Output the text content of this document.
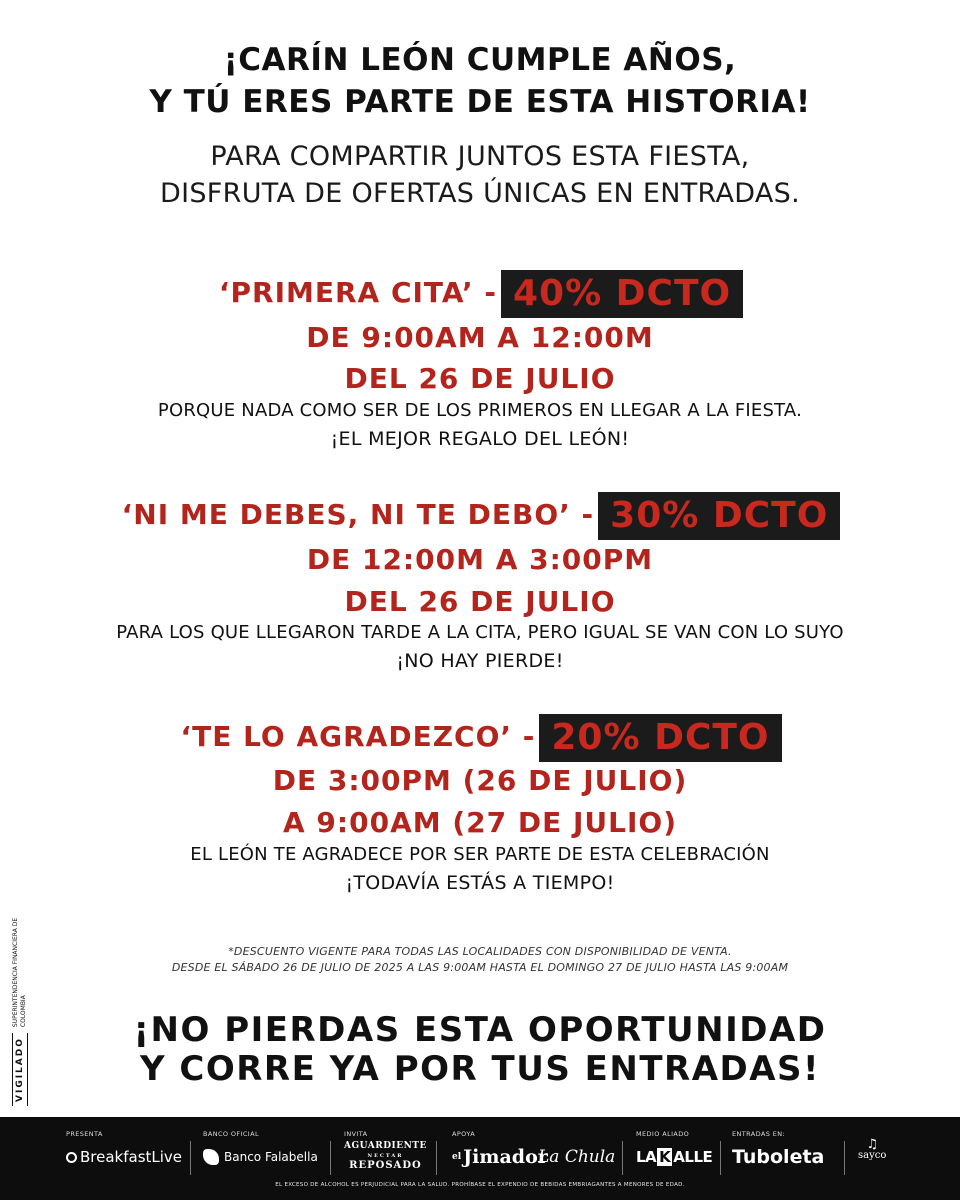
¡CARÍN LEÓN CUMPLE AÑOS,
Y TÚ ERES PARTE DE ESTA HISTORIA!
PARA COMPARTIR JUNTOS ESTA FIESTA,
DISFRUTA DE OFERTAS ÚNICAS EN ENTRADAS.
‘PRIMERA CITA’ - 40% DCTO
DE 9:00AM A 12:00M
DEL 26 DE JULIO
PORQUE NADA COMO SER DE LOS PRIMEROS EN LLEGAR A LA FIESTA.
¡EL MEJOR REGALO DEL LEÓN!
‘NI ME DEBES, NI TE DEBO’ - 30% DCTO
DE 12:00M A 3:00PM
DEL 26 DE JULIO
PARA LOS QUE LLEGARON TARDE A LA CITA, PERO IGUAL SE VAN CON LO SUYO
¡NO HAY PIERDE!
‘TE LO AGRADEZCO’ - 20% DCTO
DE 3:00PM (26 DE JULIO)
A 9:00AM (27 DE JULIO)
EL LEÓN TE AGRADECE POR SER PARTE DE ESTA CELEBRACIÓN
¡TODAVÍA ESTÁS A TIEMPO!
*DESCUENTO VIGENTE PARA TODAS LAS LOCALIDADES CON DISPONIBILIDAD DE VENTA.
DESDE EL SÁBADO 26 DE JULIO DE 2025 A LAS 9:00AM HASTA EL DOMINGO 27 DE JULIO HASTA LAS 9:00AM
¡NO PIERDAS ESTA OPORTUNIDAD
Y CORRE YA POR TUS ENTRADAS!
VIGILADO
SUPERINTENDENCIA FINANCIERA DE COLOMBIA
PRESENTA
BreakfastLive
BANCO OFICIAL
Banco Falabella
INVITA
AGUARDIENTE
NECTAR
REPOSADO
APOYA
el Jimador
La Chula
MEDIO ALIADO
LA K ALLE
ENTRADAS EN:
Tuboleta
♫
sayco
EL EXCESO DE ALCOHOL ES PERJUDICIAL PARA LA SALUD. PROHÍBASE EL EXPENDIO DE BEBIDAS EMBRIAGANTES A MENORES DE EDAD.
